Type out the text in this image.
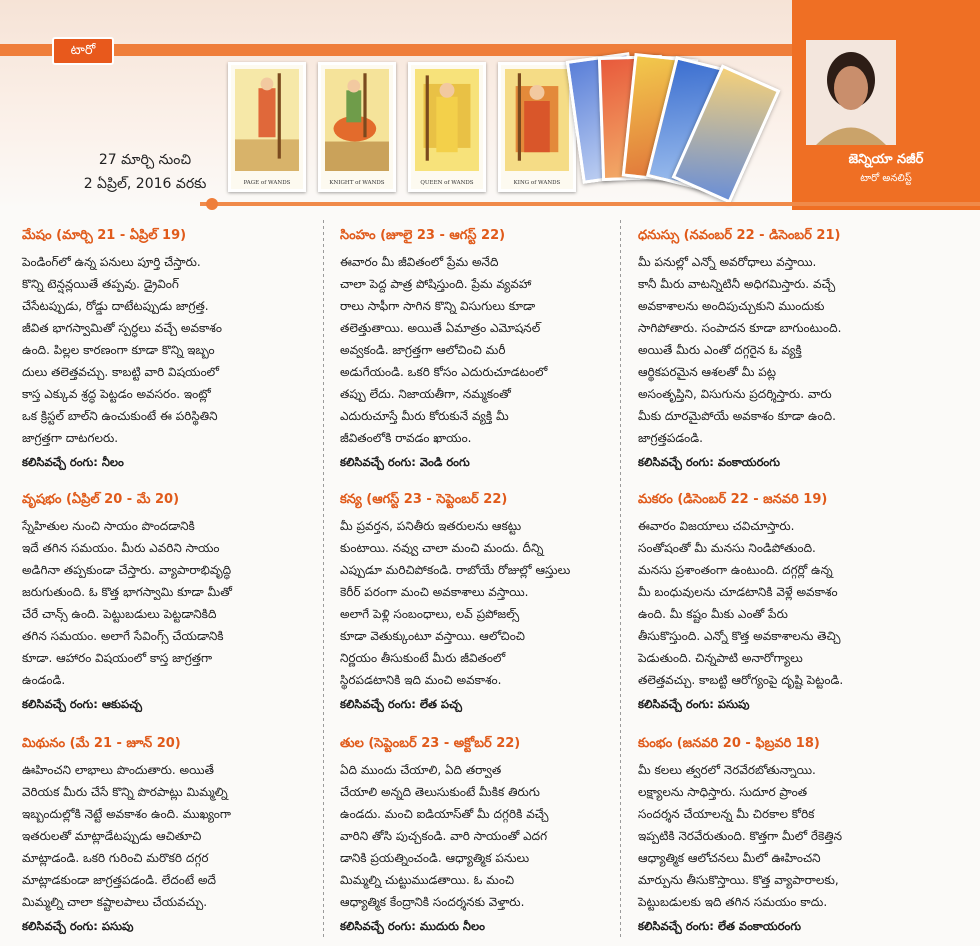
టారో
PAGE of WANDS	KNIGHT of WANDS	QUEEN of WANDS	KING of WANDS
27 మార్చి నుంచి
2 ఏప్రిల్, 2016 వరకు
జెన్నియా నజీర్
టారో అనలిస్ట్
మేషం (మార్చి 21 - ఏప్రిల్ 19)

పెండింగ్‌లో ఉన్న పనులు పూర్తి చేస్తారు.
కొన్ని టెన్షన్లయితే తప్పవు. డ్రైవింగ్
చేసేటప్పుడు, రోడ్డు దాటేటప్పుడు జాగ్రత్త.
జీవిత భాగస్వామితో స్పర్ధలు వచ్చే అవకాశం
ఉంది. పిల్లల కారణంగా కూడా కొన్ని ఇబ్బం
దులు తలెత్తవచ్చు. కాబట్టి వారి విషయంలో
కాస్త ఎక్కువ శ్రద్ధ పెట్టడం అవసరం. ఇంట్లో
ఒక క్రిస్టల్ బాల్‌ని ఉంచుకుంటే ఈ పరిస్థితిని
జాగ్రత్తగా దాటగలరు.

కలిసివచ్చే రంగు: నీలం
వృషభం (ఏప్రిల్ 20 - మే 20)

స్నేహితుల నుంచి సాయం పొందడానికి
ఇదే తగిన సమయం. మీరు ఎవరిని సాయం
అడిగినా తప్పకుండా చేస్తారు. వ్యాపారాభివృద్ధి
జరుగుతుంది. ఓ కొత్త భాగస్వామి కూడా మీతో
చేరే చాన్స్ ఉంది. పెట్టుబడులు పెట్టడానికిది
తగిన సమయం. అలాగే సేవింగ్స్ చేయడానికి
కూడా. ఆహారం విషయంలో కాస్త జాగ్రత్తగా
ఉండండి.

కలిసివచ్చే రంగు: ఆకుపచ్చ
మిథునం (మే 21 - జూన్ 20)

ఊహించని లాభాలు పొందుతారు. అయితే
వెరియక మీరు చేసే కొన్ని పొరపాట్లు మిమ్మల్ని
ఇబ్బందుల్లోకి నెట్టే అవకాశం ఉంది. ముఖ్యంగా
ఇతరులతో మాట్లాడేటప్పుడు ఆచితూచి
మాట్లాడండి. ఒకరి గురించి మరొకరి దగ్గర
మాట్లాడకుండా జాగ్రత్తపడండి. లేదంటే అదే
మిమ్మల్ని చాలా కష్టాలపాలు చేయవచ్చు.

కలిసివచ్చే రంగు: పసుపు
సింహం (జూలై 23 - ఆగస్ట్ 22)

ఈవారం మీ జీవితంలో ప్రేమ అనేది
చాలా పెద్ద పాత్ర పోషిస్తుంది. ప్రేమ వ్యవహా
రాలు సాఫీగా సాగిన కొన్ని విసుగులు కూడా
తలెత్తుతాయి. అయితే ఏమాత్రం ఎమోషనల్
అవ్వకండి. జాగ్రత్తగా ఆలోచించి మరీ
అడుగేయండి. ఒకరి కోసం ఎదురుచూడటంలో
తప్పు లేదు. నిజాయతీగా, నమ్మకంతో
ఎదురుచూస్తే మీరు కోరుకునే వ్యక్తి మీ
జీవితంలోకి రావడం ఖాయం.

కలిసివచ్చే రంగు: వెండి రంగు
కన్య (ఆగస్ట్ 23 - సెప్టెంబర్ 22)

మీ ప్రవర్తన, పనితీరు ఇతరులను ఆకట్టు
కుంటాయి. నవ్వు చాలా మంచి మందు. దీన్ని
ఎప్పుడూ మరిచిపోకండి. రాబోయే రోజుల్లో ఆస్తులు
కెరీర్ పరంగా మంచి అవకాశాలు వస్తాయి.
అలాగే పెళ్లి సంబంధాలు, లవ్ ప్రపోజల్స్
కూడా వెతుక్కుంటూ వస్తాయి. ఆలోచించి
నిర్ణయం తీసుకుంటే మీరు జీవితంలో
స్థిరపడటానికి ఇది మంచి అవకాశం.

కలిసివచ్చే రంగు: లేత పచ్చ
తుల (సెప్టెంబర్ 23 - అక్టోబర్ 22)

ఏది ముందు చేయాలి, ఏది తర్వాత
చేయాలి అన్నది తెలుసుకుంటే మీకిక తిరుగు
ఉండదు. మంచి ఐడియాస్‌తో మీ దగ్గరికి వచ్చే
వారిని తోసి పుచ్చకండి. వారి సాయంతో ఎదగ
డానికి ప్రయత్నించండి. ఆధ్యాత్మిక పనులు
మిమ్మల్ని చుట్టుముడతాయి. ఓ మంచి
ఆధ్యాత్మిక కేంద్రానికి సందర్శనకు వెళ్తారు.

కలిసివచ్చే రంగు: ముదురు నీలం
ధనుస్సు (నవంబర్ 22 - డిసెంబర్ 21)

మీ పనుల్లో ఎన్నో అవరోధాలు వస్తాయి.
కానీ మీరు వాటన్నిటినీ అధిగమిస్తారు. వచ్చే
అవకాశాలను అందిపుచ్చుకుని ముందుకు
సాగిపోతారు. సంపాదన కూడా బాగుంటుంది.
అయితే మీరు ఎంతో దగ్గరైన ఓ వ్యక్తి
ఆర్థికపరమైన ఆశలతో మీ పట్ల
అసంతృప్తిని, విసుగును ప్రదర్శిస్తారు. వారు
మీకు దూరమైపోయే అవకాశం కూడా ఉంది.
జాగ్రత్తపడండి.

కలిసివచ్చే రంగు: వంకాయరంగు
మకరం (డిసెంబర్ 22 - జనవరి 19)

ఈవారం విజయాలు చవిచూస్తారు.
సంతోషంతో మీ మనసు నిండిపోతుంది.
మనసు ప్రశాంతంగా ఉంటుంది. దగ్గర్లో ఉన్న
మీ బంధువులను చూడటానికి వెళ్లే అవకాశం
ఉంది. మీ కష్టం మీకు ఎంతో పేరు
తీసుకొస్తుంది. ఎన్నో కొత్త అవకాశాలను తెచ్చి
పెడుతుంది. చిన్నపాటి అనారోగ్యాలు
తలెత్తవచ్చు. కాబట్టి ఆరోగ్యంపై దృష్టి పెట్టండి.

కలిసివచ్చే రంగు: పసుపు
కుంభం (జనవరి 20 - ఫిబ్రవరి 18)

మీ కలలు త్వరలో నెరవేరబోతున్నాయి.
లక్ష్యాలను సాధిస్తారు. సుదూర ప్రాంత
సందర్శన చేయాలన్న మీ చిరకాల కోరిక
ఇప్పటికి నెరవేరుతుంది. కొత్తగా మీలో రేకెత్తిన
ఆధ్యాత్మిక ఆలోచనలు మీలో ఊహించని
మార్పును తీసుకొస్తాయి. కొత్త వ్యాపారాలకు,
పెట్టుబడులకు ఇది తగిన సమయం కాదు.

కలిసివచ్చే రంగు: లేత వంకాయరంగు
